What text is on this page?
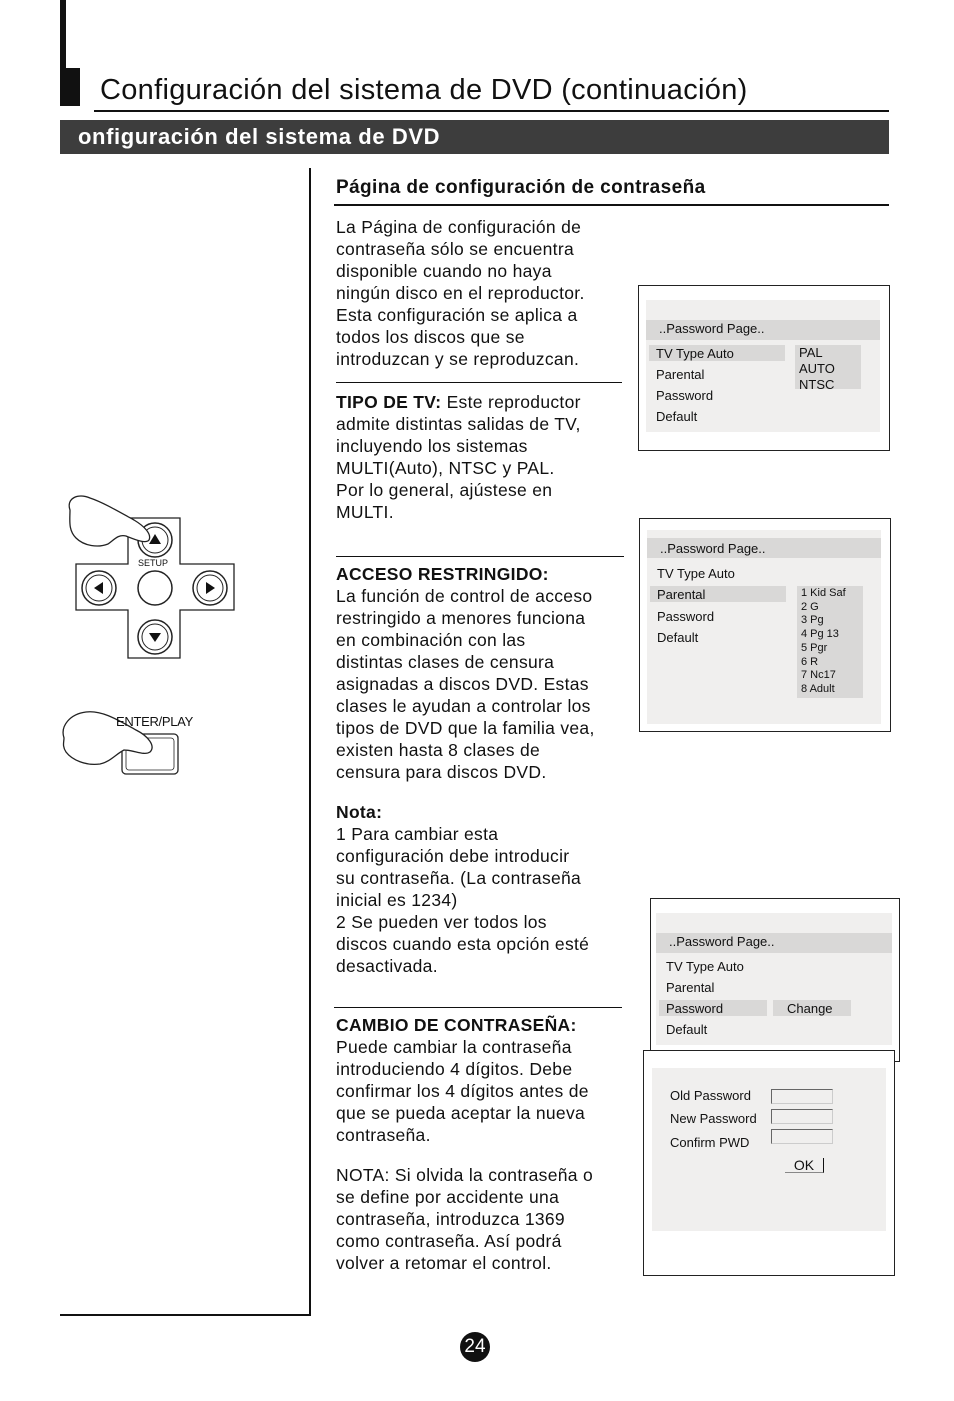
Configuración del sistema de DVD (continuación)
onfiguración del sistema de DVD
Página de configuración de contraseña
La Página de configuración de
contraseña sólo se encuentra
disponible cuando no haya
ningún disco en el reproductor.
Esta configuración se aplica a
todos los discos que se
introduzcan y se reproduzcan.
TIPO DE TV: Este reproductor
admite distintas salidas de TV,
incluyendo los sistemas
MULTI(Auto), NTSC y PAL.
Por lo general, ajústese en
MULTI.
ACCESO RESTRINGIDO:
La función de control de acceso
restringido a menores funciona
en combinación con las
distintas clases de censura
asignadas a discos DVD. Estas
clases le ayudan a controlar los
tipos de DVD que la familia vea,
existen hasta 8 clases de
censura para discos DVD.
Nota:
1 Para cambiar esta
configuración debe introducir
su contraseña. (La contraseña
inicial es 1234)
2 Se pueden ver todos los
discos cuando esta opción esté
desactivada.
CAMBIO DE CONTRASEÑA:
Puede cambiar la contraseña
introduciendo 4 dígitos. Debe
confirmar los 4 dígitos antes de
que se pueda aceptar la nueva
contraseña.
NOTA: Si olvida la contraseña o
se define por accidente una
contraseña, introduzca 1369
como contraseña. Así podrá
volver a retomar el control.
..Password Page..
TV Type Auto
Parental
Password
Default
PAL
AUTO
NTSC
..Password Page..
TV Type Auto
Parental
Password
Default
1 Kid Saf
2 G
3 Pg
4 Pg 13
5 Pgr
6 R
7 Nc17
8 Adult
..Password Page..
TV Type Auto
Parental
Password	Change
Default
Old Password
New Password
Confirm PWD
OK
SETUP
ENTER/PLAY
24
